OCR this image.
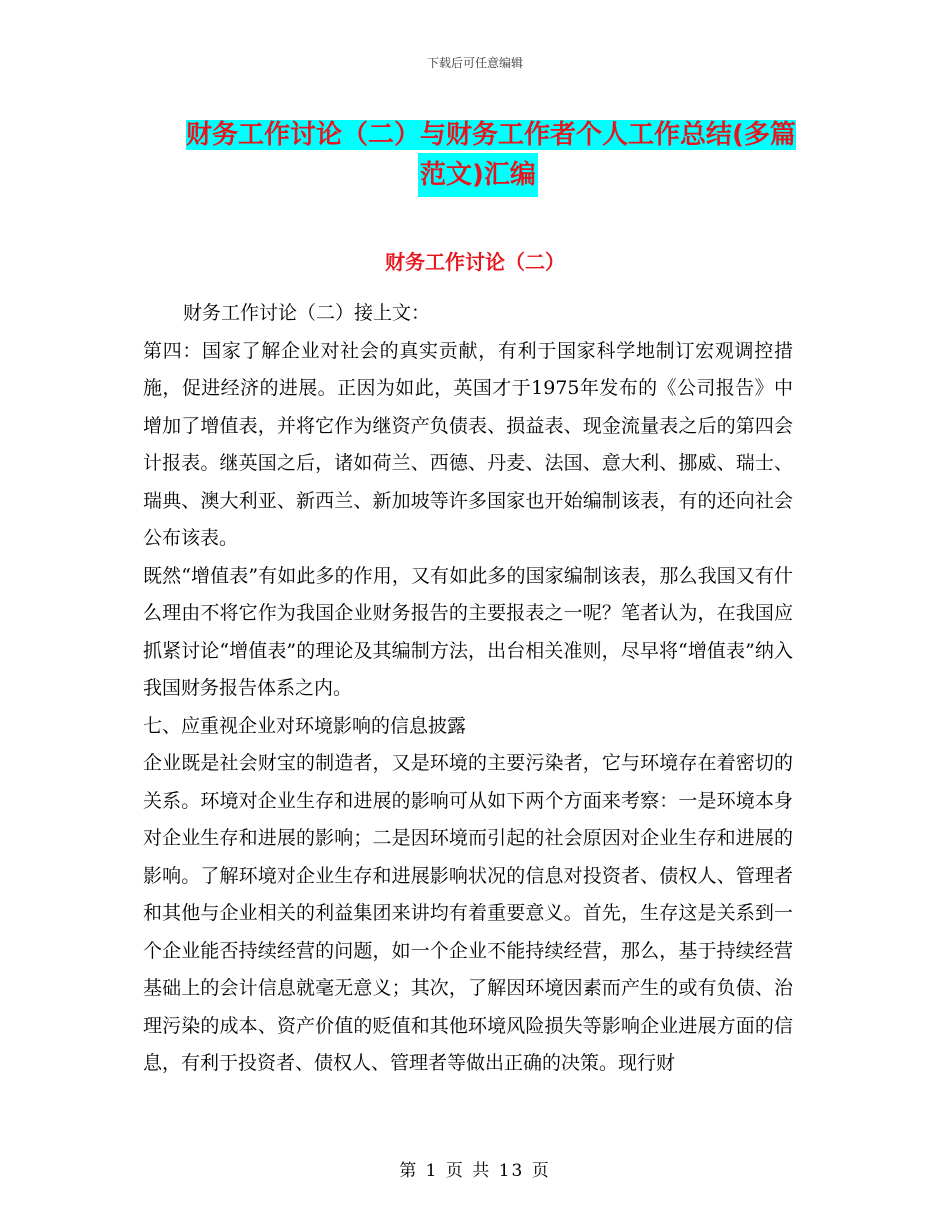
下载后可任意编辑
财务工作讨论（二）与财务工作者个人工作总结(多篇
范文)汇编
财务工作讨论（二）

财务工作讨论（二）接上文：

第四：国家了解企业对社会的真实贡献，有利于国家科学地制订宏观调控措施，促进经济的进展。正因为如此，英国才于1975年发布的《公司报告》中增加了增值表，并将它作为继资产负债表、损益表、现金流量表之后的第四会计报表。继英国之后，诸如荷兰、西德、丹麦、法国、意大利、挪威、瑞士、瑞典、澳大利亚、新西兰、新加坡等许多国家也开始编制该表，有的还向社会公布该表。

既然“增值表”有如此多的作用，又有如此多的国家编制该表，那么我国又有什么理由不将它作为我国企业财务报告的主要报表之一呢？笔者认为，在我国应抓紧讨论“增值表”的理论及其编制方法，出台相关准则，尽早将“增值表”纳入我国财务报告体系之内。

七、应重视企业对环境影响的信息披露

企业既是社会财宝的制造者，又是环境的主要污染者，它与环境存在着密切的关系。环境对企业生存和进展的影响可从如下两个方面来考察：一是环境本身对企业生存和进展的影响；二是因环境而引起的社会原因对企业生存和进展的影响。了解环境对企业生存和进展影响状况的信息对投资者、债权人、管理者和其他与企业相关的利益集团来讲均有着重要意义。首先，生存这是关系到一个企业能否持续经营的问题，如一个企业不能持续经营，那么，基于持续经营基础上的会计信息就毫无意义；其次，了解因环境因素而产生的或有负债、治理污染的成本、资产价值的贬值和其他环境风险损失等影响企业进展方面的信息，有利于投资者、债权人、管理者等做出正确的决策。现行财

第 1 页 共 13 页
